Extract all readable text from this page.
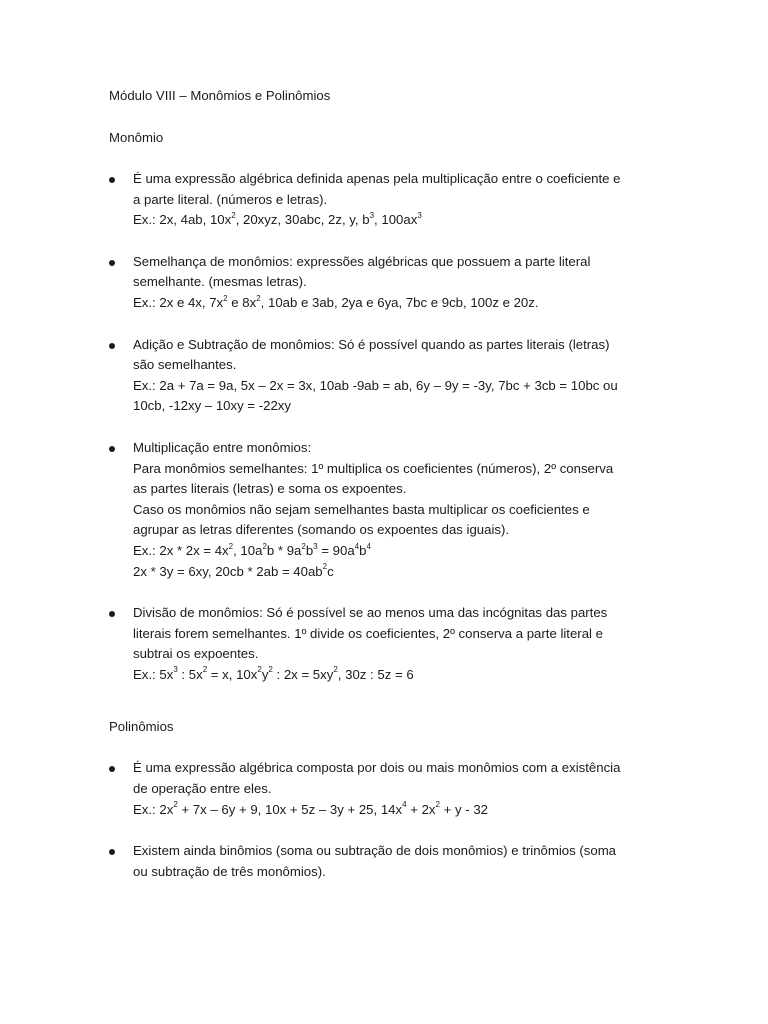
Módulo VIII – Monômios e Polinômios
Monômio
É uma expressão algébrica definida apenas pela multiplicação entre o coeficiente e
a parte literal. (números e letras).
Ex.: 2x, 4ab, $10x^2$, 20xyz, 30abc, 2z, y, $b^3$, $100ax^3$
Semelhança de monômios: expressões algébricas que possuem a parte literal
semelhante. (mesmas letras).
Ex.: 2x e 4x, $7x^2$ e $8x^2$, 10ab e 3ab, 2ya e 6ya, 7bc e 9cb, 100z e 20z.
Adição e Subtração de monômios: Só é possível quando as partes literais (letras)
são semelhantes.
Ex.: 2a + 7a = 9a, 5x – 2x = 3x, 10ab -9ab = ab, 6y – 9y = -3y, 7bc + 3cb = 10bc ou
10cb, -12xy – 10xy = -22xy
Multiplicação entre monômios:
Para monômios semelhantes: 1º multiplica os coeficientes (números), 2º conserva
as partes literais (letras) e soma os expoentes.
Caso os monômios não sejam semelhantes basta multiplicar os coeficientes e
agrupar as letras diferentes (somando os expoentes das iguais).
Ex.: $2x * 2x = 4x^2$, $10a^2b * 9a^2b^3 = 90a^4b^4$
2x * 3y = 6xy, $20cb * 2ab = 40ab^2c$
Divisão de monômios: Só é possível se ao menos uma das incógnitas das partes
literais forem semelhantes. 1º divide os coeficientes, 2º conserva a parte literal e
subtrai os expoentes.
Ex.: $5x^3$ : $5x^2 = x$, $10x^2y^2$ : $2x = 5xy^2$, 30z : 5z = 6
Polinômios
É uma expressão algébrica composta por dois ou mais monômios com a existência
de operação entre eles.
Ex.: $2x^2 + 7x - 6y + 9$, 10x + 5z – 3y + 25, $14x^4 + 2x^2 + y - 32$
Existem ainda binômios (soma ou subtração de dois monômios) e trinômios (soma
ou subtração de três monômios).
